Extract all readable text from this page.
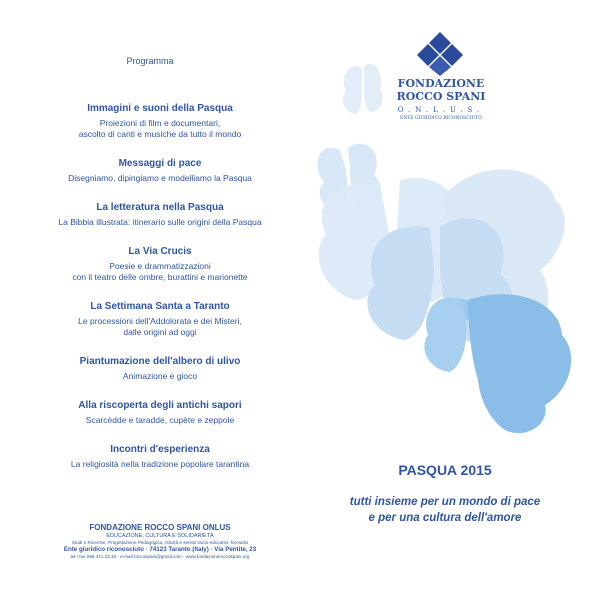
Programma
Immagini e suoni della Pasqua
Proiezioni di film e documentari,
ascolto di canti e musiche da tutto il mondo
Messaggi di pace
Disegniamo, dipingiamo e modelliamo la Pasqua
La letteratura nella Pasqua
La Bibbia illustrata: itinerario sulle origini della Pasqua
La Via Crucis
Poesie e drammatizzazioni
con il teatro delle ombre, burattini e marionette
La Settimana Santa a Taranto
Le processioni dell'Addolorata e dei Misteri,
dalle origini ad oggi
Piantumazione dell'albero di ulivo
Animazione e gioco
Alla riscoperta degli antichi sapori
Scarcèdde e taradde, cupète e zeppole
Incontri d'esperienza
La religiosità nella tradizione popolare tarantina
FONDAZIONE ROCCO SPANI ONLUS
EDUCAZIONE, CULTURA E SOLIDARIETÀ
Studi e Ricerche, Progettazione Pedagogica, Attività e servizi socio-educativi- formativi
Ente giuridico riconosciuto · 74123 Taranto (Italy) · Via Pentite, 23
tel / fax 099.471.33.16 - e-mail:roccospani@gmail.com - www.fondazioneroccospani.org
FONDAZIONE
ROCCO SPANI
O.N.L.U.S.
ENTE GIURIDICO RICONOSCIUTO
PASQUA 2015
tutti insieme per un mondo di pace
e per una cultura dell'amore
